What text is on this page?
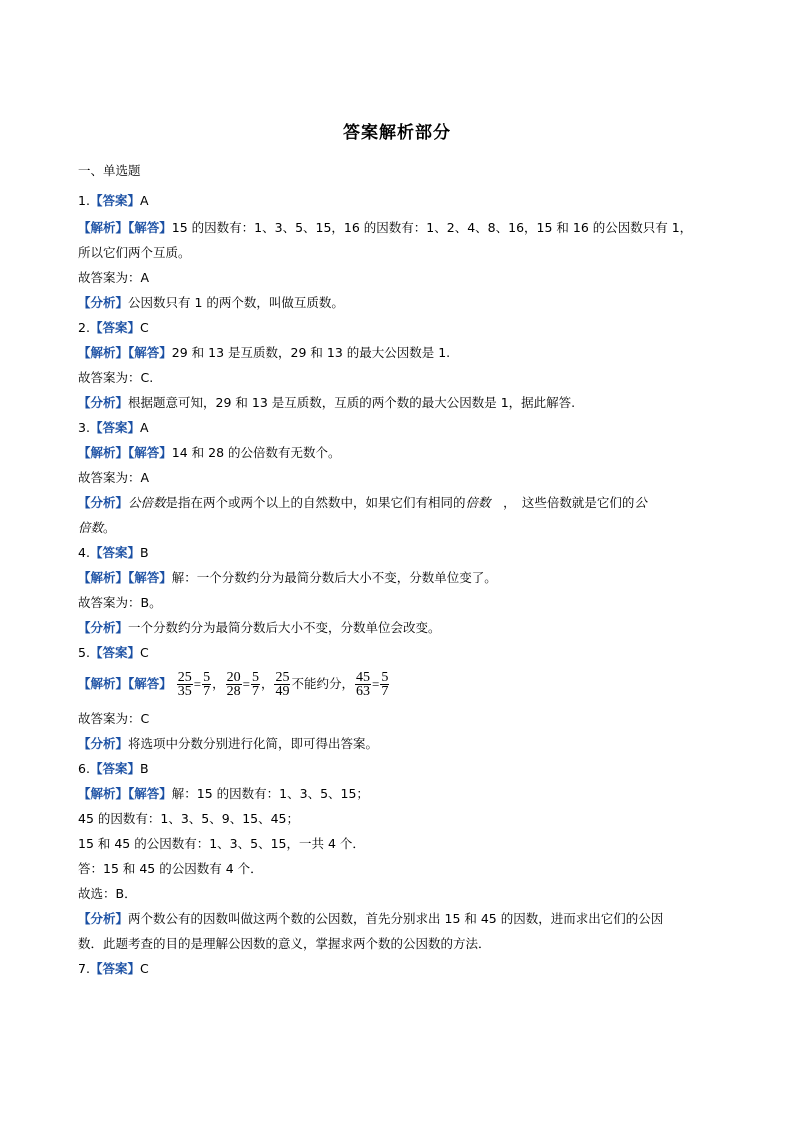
答案解析部分
一、单选题
1.【答案】A
【解析】【解答】15 的因数有：1、3、5、15，16 的因数有：1、2、4、8、16，15 和 16 的公因数只有 1，
所以它们两个互质。
故答案为：A
【分析】公因数只有 1 的两个数，叫做互质数。
2.【答案】C
【解析】【解答】29 和 13 是互质数，29 和 13 的最大公因数是 1.
故答案为：C.
【分析】根据题意可知，29 和 13 是互质数，互质的两个数的最大公因数是 1，据此解答.
3.【答案】A
【解析】【解答】14 和 28 的公倍数有无数个。
故答案为：A
【分析】公倍数是指在两个或两个以上的自然数中，如果它们有相同的倍数　，　这些倍数就是它们的公
倍数。
4.【答案】B
【解析】【解答】解：一个分数约分为最简分数后大小不变，分数单位变了。
故答案为：B。
【分析】一个分数约分为最简分数后大小不变，分数单位会改变。
5.【答案】C
【解析】【解答】 $\frac{25}{35} = \frac{5}{7}$ ， $\frac{20}{28} = \frac{5}{7}$ ， $\frac{25}{49}$ 不能约分， $\frac{45}{63} = \frac{5}{7}$
故答案为：C
【分析】将选项中分数分别进行化简，即可得出答案。
6.【答案】B
【解析】【解答】解：15 的因数有：1、3、5、15；
45 的因数有：1、3、5、9、15、45；
15 和 45 的公因数有：1、3、5、15，一共 4 个．
答：15 和 45 的公因数有 4 个．
故选：B．
【分析】两个数公有的因数叫做这两个数的公因数，首先分别求出 15 和 45 的因数，进而求出它们的公因
数．此题考查的目的是理解公因数的意义，掌握求两个数的公因数的方法．
7.【答案】C
